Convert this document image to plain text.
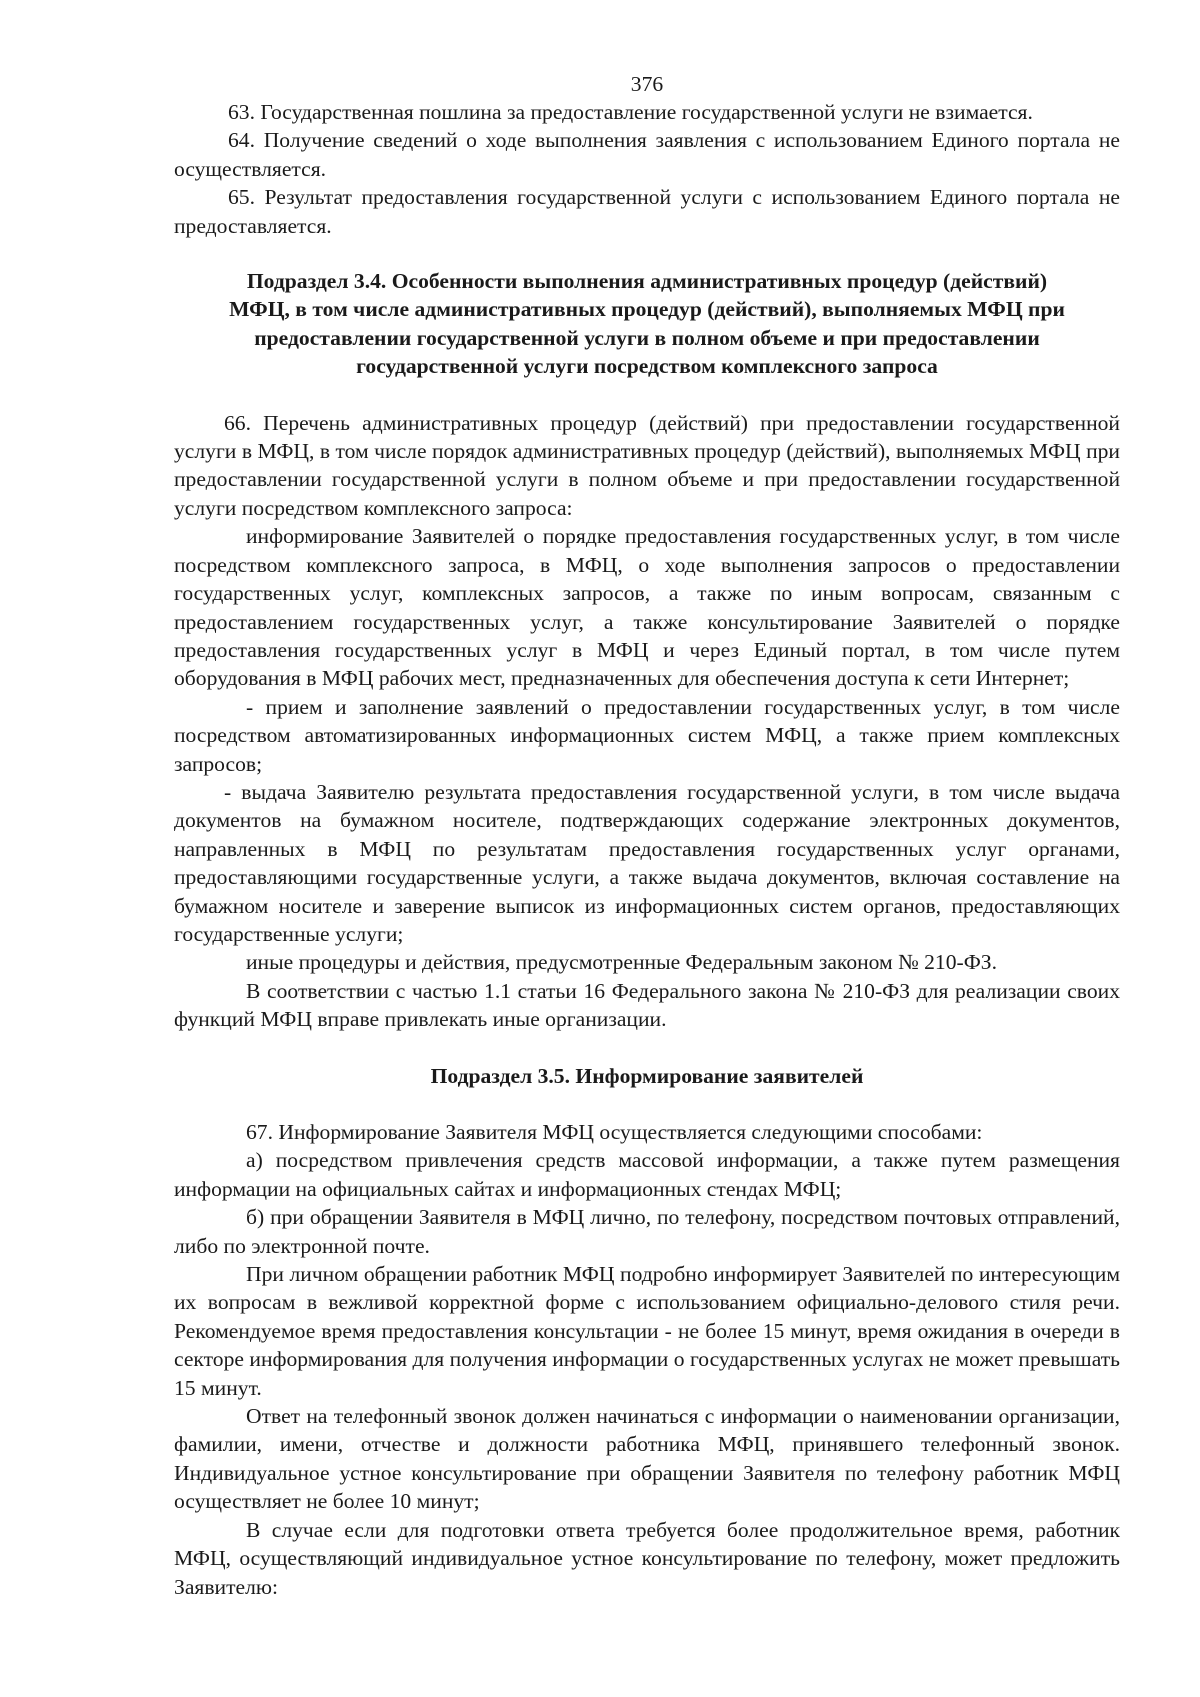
376

63. Государственная пошлина за предоставление государственной услуги не взимается.

64. Получение сведений о ходе выполнения заявления с использованием Единого портала не осуществляется.

65. Результат предоставления государственной услуги с использованием Единого портала не предоставляется.

Подраздел 3.4. Особенности выполнения административных процедур (действий)
МФЦ, в том числе административных процедур (действий), выполняемых МФЦ при
предоставлении государственной услуги в полном объеме и при предоставлении
государственной услуги посредством комплексного запроса

66. Перечень административных процедур (действий) при предоставлении государственной услуги в МФЦ, в том числе порядок административных процедур (действий), выполняемых МФЦ при предоставлении государственной услуги в полном объеме и при предоставлении государственной услуги посредством комплексного запроса:

информирование Заявителей о порядке предоставления государственных услуг, в том числе посредством комплексного запроса, в МФЦ, о ходе выполнения запросов о предоставлении государственных услуг, комплексных запросов, а также по иным вопросам, связанным с предоставлением государственных услуг, а также консультирование Заявителей о порядке предоставления государственных услуг в МФЦ и через Единый портал, в том числе путем оборудования в МФЦ рабочих мест, предназначенных для обеспечения доступа к сети Интернет;

- прием и заполнение заявлений о предоставлении государственных услуг, в том числе посредством автоматизированных информационных систем МФЦ, а также прием комплексных запросов;

- выдача Заявителю результата предоставления государственной услуги, в том числе выдача документов на бумажном носителе, подтверждающих содержание электронных документов, направленных в МФЦ по результатам предоставления государственных услуг органами, предоставляющими государственные услуги, а также выдача документов, включая составление на бумажном носителе и заверение выписок из информационных систем органов, предоставляющих государственные услуги;

иные процедуры и действия, предусмотренные Федеральным законом № 210-ФЗ.

В соответствии с частью 1.1 статьи 16 Федерального закона № 210-ФЗ для реализации своих функций МФЦ вправе привлекать иные организации.

Подраздел 3.5. Информирование заявителей

67. Информирование Заявителя МФЦ осуществляется следующими способами:

а) посредством привлечения средств массовой информации, а также путем размещения информации на официальных сайтах и информационных стендах МФЦ;

б) при обращении Заявителя в МФЦ лично, по телефону, посредством почтовых отправлений, либо по электронной почте.

При личном обращении работник МФЦ подробно информирует Заявителей по интересующим их вопросам в вежливой корректной форме с использованием официально-делового стиля речи. Рекомендуемое время предоставления консультации - не более 15 минут, время ожидания в очереди в секторе информирования для получения информации о государственных услугах не может превышать 15 минут.

Ответ на телефонный звонок должен начинаться с информации о наименовании организации, фамилии, имени, отчестве и должности работника МФЦ, принявшего телефонный звонок. Индивидуальное устное консультирование при обращении Заявителя по телефону работник МФЦ осуществляет не более 10 минут;

В случае если для подготовки ответа требуется более продолжительное время, работник МФЦ, осуществляющий индивидуальное устное консультирование по телефону, может предложить Заявителю:
